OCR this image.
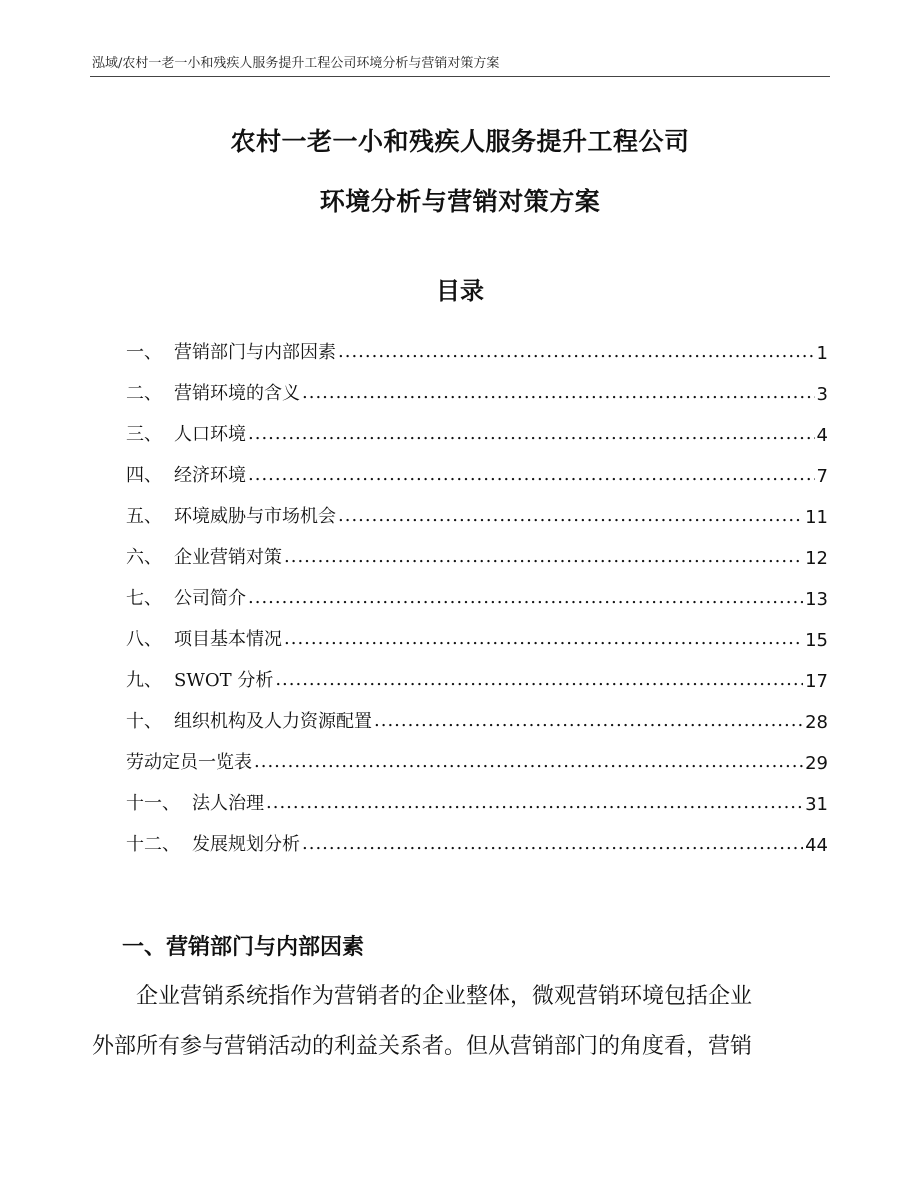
泓域/农村一老一小和残疾人服务提升工程公司环境分析与营销对策方案
农村一老一小和残疾人服务提升工程公司
环境分析与营销对策方案
目录
一、 营销部门与内部因素 .....	1
二、 营销环境的含义 .....	3
三、 人口环境 .....	4
四、 经济环境 .....	7
五、 环境威胁与市场机会 .....	11
六、 企业营销对策 .....	12
七、 公司简介 .....	13
八、 项目基本情况 .....	15
九、 SWOT 分析 .....	17
十、 组织机构及人力资源配置 .....	28
劳动定员一览表 .....	29
十一、 法人治理 .....	31
十二、 发展规划分析 .....	44
一、营销部门与内部因素
企业营销系统指作为营销者的企业整体，微观营销环境包括企业
外部所有参与营销活动的利益关系者。但从营销部门的角度看，营销
